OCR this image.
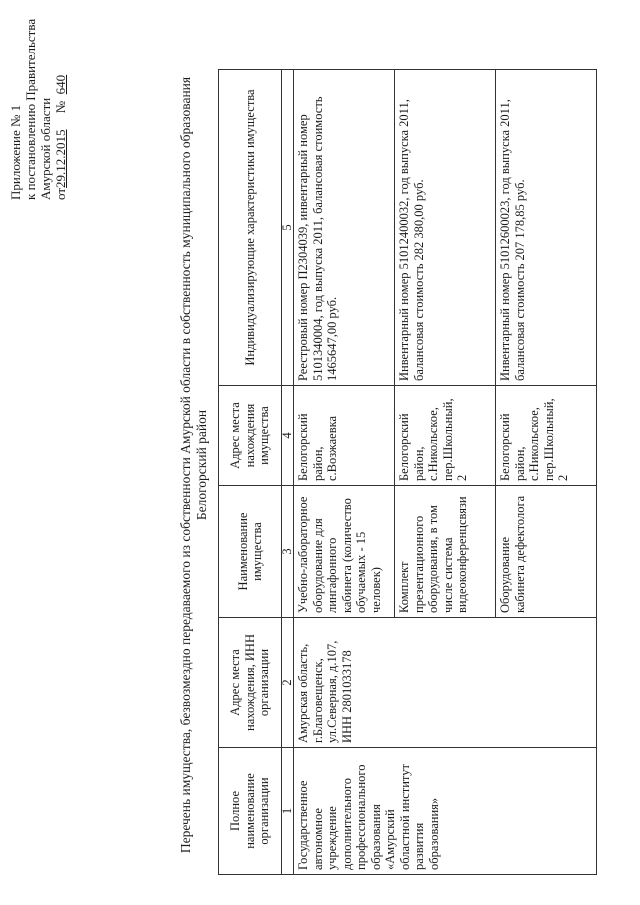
Приложение № 1 к постановлению Правительства Амурской области от29.12.2015     №  640	Перечень имущества, безвозмездно передаваемого из собственности Амурской области в собственность муниципального образования Белогорский район
Полное наименование организации	Адрес места нахождения, ИНН организации	Наименование имущества	Адрес места нахождения имущества	Индивидуализирующие характеристики имущества
1	2	3	4	5
Государственное автономное учреждение дополнительного профессионального образования «Амурский областной институт развития образования»	Амурская область, г.Благовещенск, ул.Северная, д.107, ИНН 2801033178	Учебно-лабораторное оборудование для лингафонного кабинета (количество обучаемых - 15 человек)	Белогорский район, с.Возжаевка	Реестровый номер П2304039, инвентарный номер 5101340004, год выпуска 2011, балансовая стоимость 1465647,00 руб.
		Комплект презентационного оборудования, в том числе система видеоконференцсвязи	Белогорский район, с.Никольское, пер.Школьный, 2	Инвентарный номер 51012400032, год выпуска 2011, балансовая стоимость 282 380,00 руб.
		Оборудование кабинета дефектолога	Белогорский район, с.Никольское, пер.Школьный, 2	Инвентарный номер 51012600023, год выпуска 2011, балансовая стоимость 207 178,85 руб.
